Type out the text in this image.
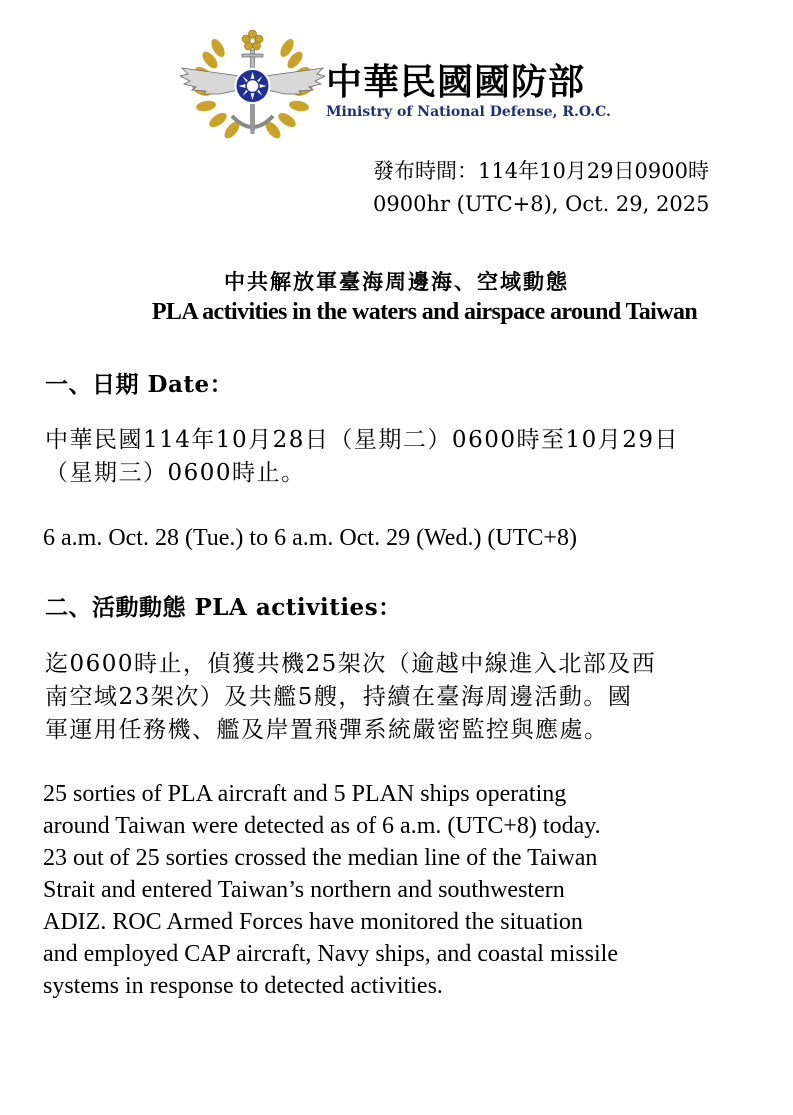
中華民國國防部
Ministry of National Defense, R.O.C.
發布時間：114年10月29日0900時
0900hr (UTC+8), Oct. 29, 2025
中共解放軍臺海周邊海、空域動態
PLA activities in the waters and airspace around Taiwan
一、日期 Date：
中華民國114年10月28日（星期二）0600時至10月29日
（星期三）0600時止。
6 a.m. Oct. 28 (Tue.) to 6 a.m. Oct. 29 (Wed.) (UTC+8)
二、活動動態 PLA activities：
迄0600時止，偵獲共機25架次（逾越中線進入北部及西
南空域23架次）及共艦5艘，持續在臺海周邊活動。國
軍運用任務機、艦及岸置飛彈系統嚴密監控與應處。
25 sorties of PLA aircraft and 5 PLAN ships operating
around Taiwan were detected as of 6 a.m. (UTC+8) today.
23 out of 25 sorties crossed the median line of the Taiwan
Strait and entered Taiwan’s northern and southwestern
ADIZ. ROC Armed Forces have monitored the situation
and employed CAP aircraft, Navy ships, and coastal missile
systems in response to detected activities.
